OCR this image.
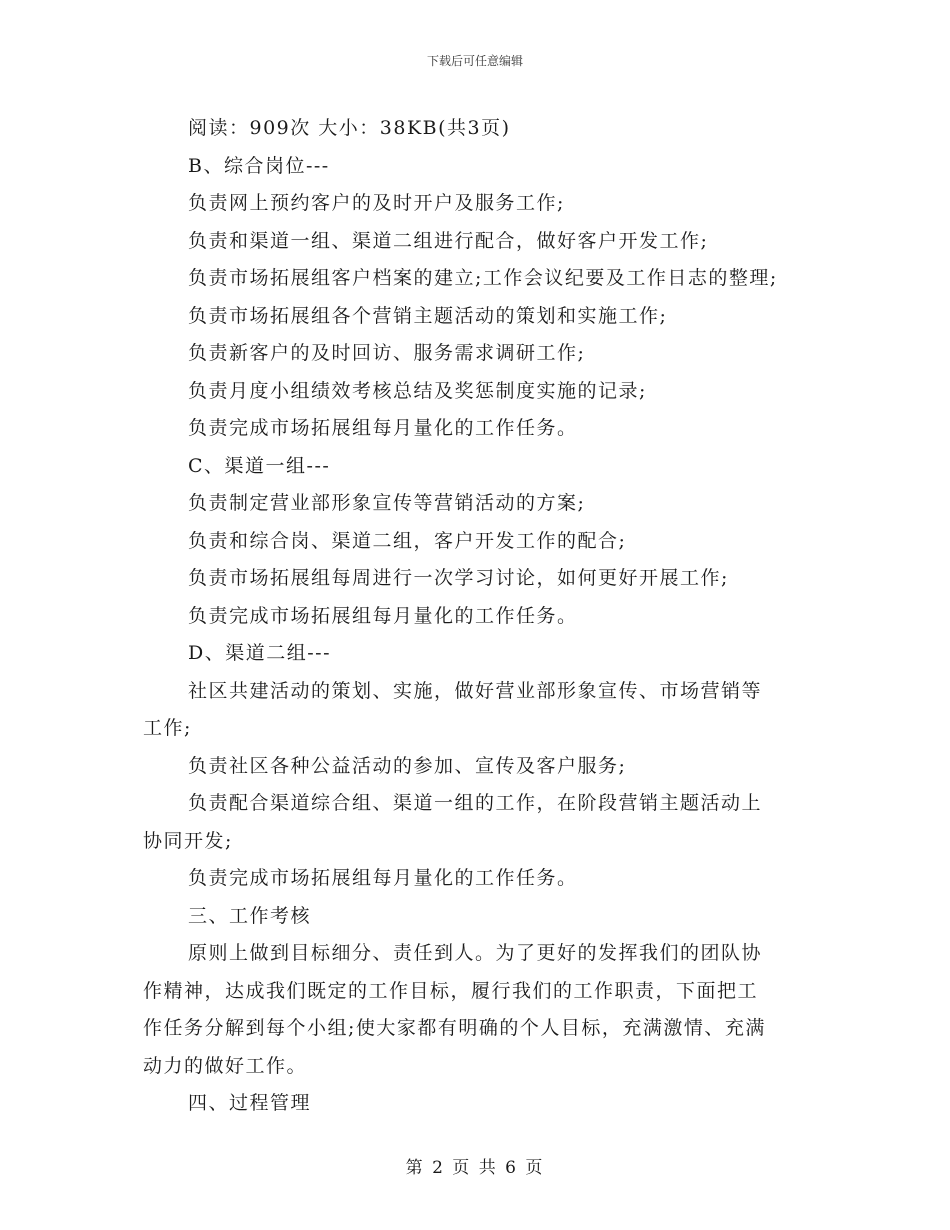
下载后可任意编辑
阅读：909次 大小：38KB(共3页)
B、综合岗位---
负责网上预约客户的及时开户及服务工作;
负责和渠道一组、渠道二组进行配合，做好客户开发工作;
负责市场拓展组客户档案的建立;工作会议纪要及工作日志的整理;
负责市场拓展组各个营销主题活动的策划和实施工作;
负责新客户的及时回访、服务需求调研工作;
负责月度小组绩效考核总结及奖惩制度实施的记录;
负责完成市场拓展组每月量化的工作任务。
C、渠道一组---
负责制定营业部形象宣传等营销活动的方案;
负责和综合岗、渠道二组，客户开发工作的配合;
负责市场拓展组每周进行一次学习讨论，如何更好开展工作;
负责完成市场拓展组每月量化的工作任务。
D、渠道二组---
社区共建活动的策划、实施，做好营业部形象宣传、市场营销等
工作;
负责社区各种公益活动的参加、宣传及客户服务;
负责配合渠道综合组、渠道一组的工作，在阶段营销主题活动上
协同开发;
负责完成市场拓展组每月量化的工作任务。
三、工作考核
原则上做到目标细分、责任到人。为了更好的发挥我们的团队协
作精神，达成我们既定的工作目标，履行我们的工作职责，下面把工
作任务分解到每个小组;使大家都有明确的个人目标，充满激情、充满
动力的做好工作。
四、过程管理
第 2 页 共 6 页
